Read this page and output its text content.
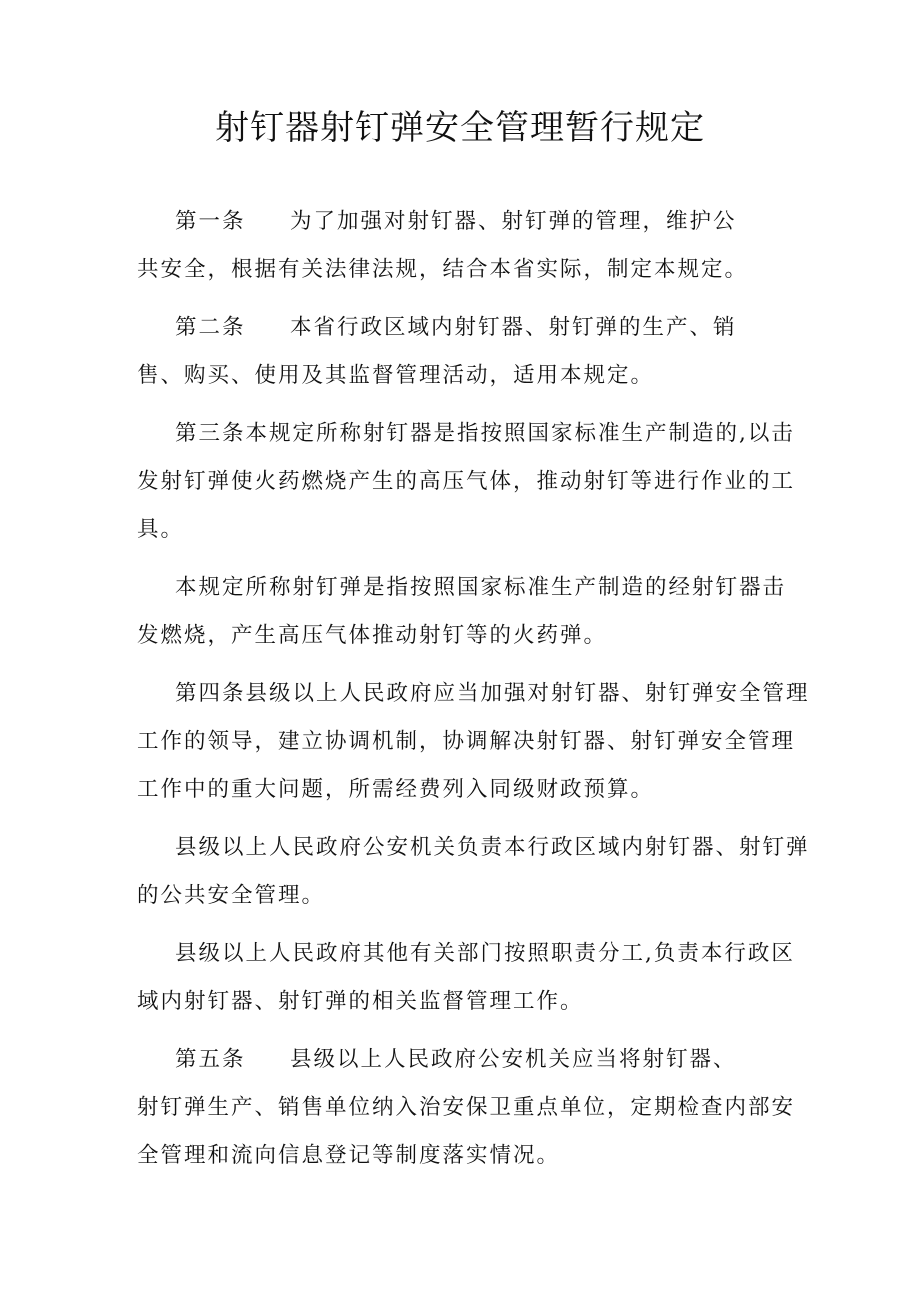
射钉器射钉弹安全管理暂行规定

第一条 为了加强对射钉器、射钉弹的管理，维护公
共安全，根据有关法律法规，结合本省实际，制定本规定。

第二条 本省行政区域内射钉器、射钉弹的生产、销
售、购买、使用及其监督管理活动，适用本规定。

第三条本规定所称射钉器是指按照国家标准生产制造的,以击
发射钉弹使火药燃烧产生的高压气体，推动射钉等进行作业的工
具。

本规定所称射钉弹是指按照国家标准生产制造的经射钉器击
发燃烧，产生高压气体推动射钉等的火药弹。

第四条县级以上人民政府应当加强对射钉器、射钉弹安全管理
工作的领导，建立协调机制，协调解决射钉器、射钉弹安全管理
工作中的重大问题，所需经费列入同级财政预算。

县级以上人民政府公安机关负责本行政区域内射钉器、射钉弹
的公共安全管理。

县级以上人民政府其他有关部门按照职责分工,负责本行政区
域内射钉器、射钉弹的相关监督管理工作。

第五条 县级以上人民政府公安机关应当将射钉器、
射钉弹生产、销售单位纳入治安保卫重点单位，定期检查内部安
全管理和流向信息登记等制度落实情况。
